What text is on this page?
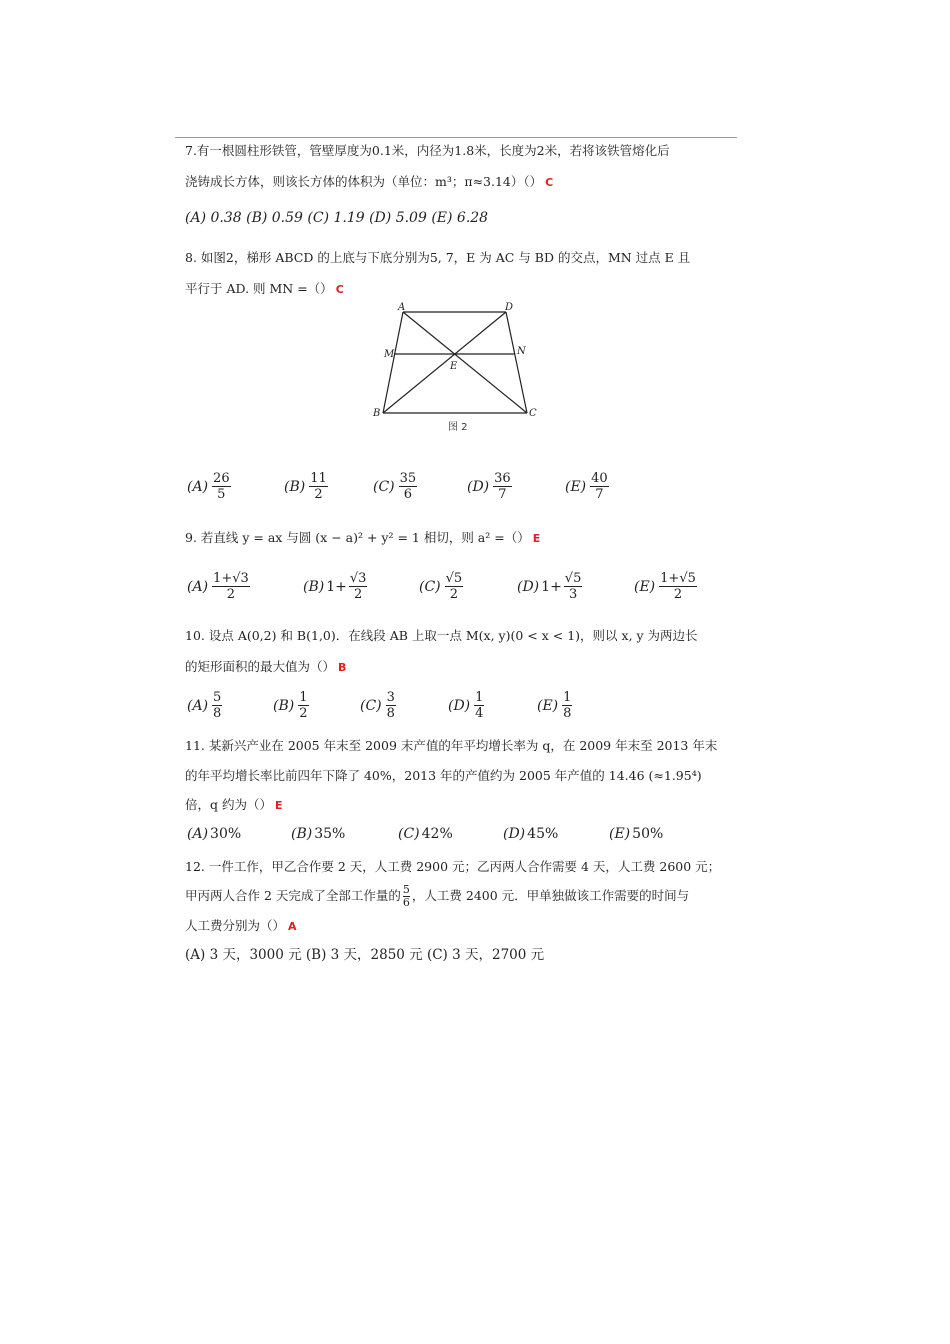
7.有一根圆柱形铁管，管壁厚度为0.1米，内径为1.8米，长度为2米，若将该铁管熔化后
浇铸成长方体，则该长方体的体积为（单位：m³；π≈3.14）（） C
(A) 0.38 (B) 0.59 (C) 1.19 (D) 5.09 (E) 6.28
8. 如图2，梯形 ABCD 的上底与下底分别为5, 7，E 为 AC 与 BD 的交点，MN 过点 E 且
平行于 AD. 则 MN =（） C
A	D
M	N
E
B	C
图 2
$(A) \frac{26}{5}$	$(B) \frac{11}{2}$	$(C) \frac{35}{6}$	$(D) \frac{36}{7}$	$(E) \frac{40}{7}$
9. 若直线 y = ax 与圆 (x − a)² + y² = 1 相切，则 a² =（） E
$(A) \frac{1+√3}{2}$	(B) $1+ \frac{√3}{2}$	$(C) \frac{√5}{2}$	(D) $1+ \frac{√5}{3}$	$(E) \frac{1+√5}{2}$
10. 设点 A(0,2) 和 B(1,0)．在线段 AB 上取一点 M(x, y)(0 < x < 1)，则以 x, y 为两边长
的矩形面积的最大值为（） B
$(A) \frac{5}{8}$	$(B) \frac{1}{2}$	$(C) \frac{3}{8}$	$(D) \frac{1}{4}$	$(E) \frac{1}{8}$
11. 某新兴产业在 2005 年末至 2009 末产值的年平均增长率为 q，在 2009 年末至 2013 年末
的年平均增长率比前四年下降了 40%，2013 年的产值约为 2005 年产值的 14.46 (≈1.95⁴)
倍，q 约为（） E
(A) 30%	(B) 35%	(C) 42%	(D) 45%	(E) 50%
12. 一件工作，甲乙合作要 2 天，人工费 2900 元；乙丙两人合作需要 4 天，人工费 2600 元；
甲丙两人合作 2 天完成了全部工作量的 $\frac{5}{6}$ ，人工费 2400 元．甲单独做该工作需要的时间与
人工费分别为（） A
(A) 3 天，3000 元 (B) 3 天，2850 元 (C) 3 天，2700 元
